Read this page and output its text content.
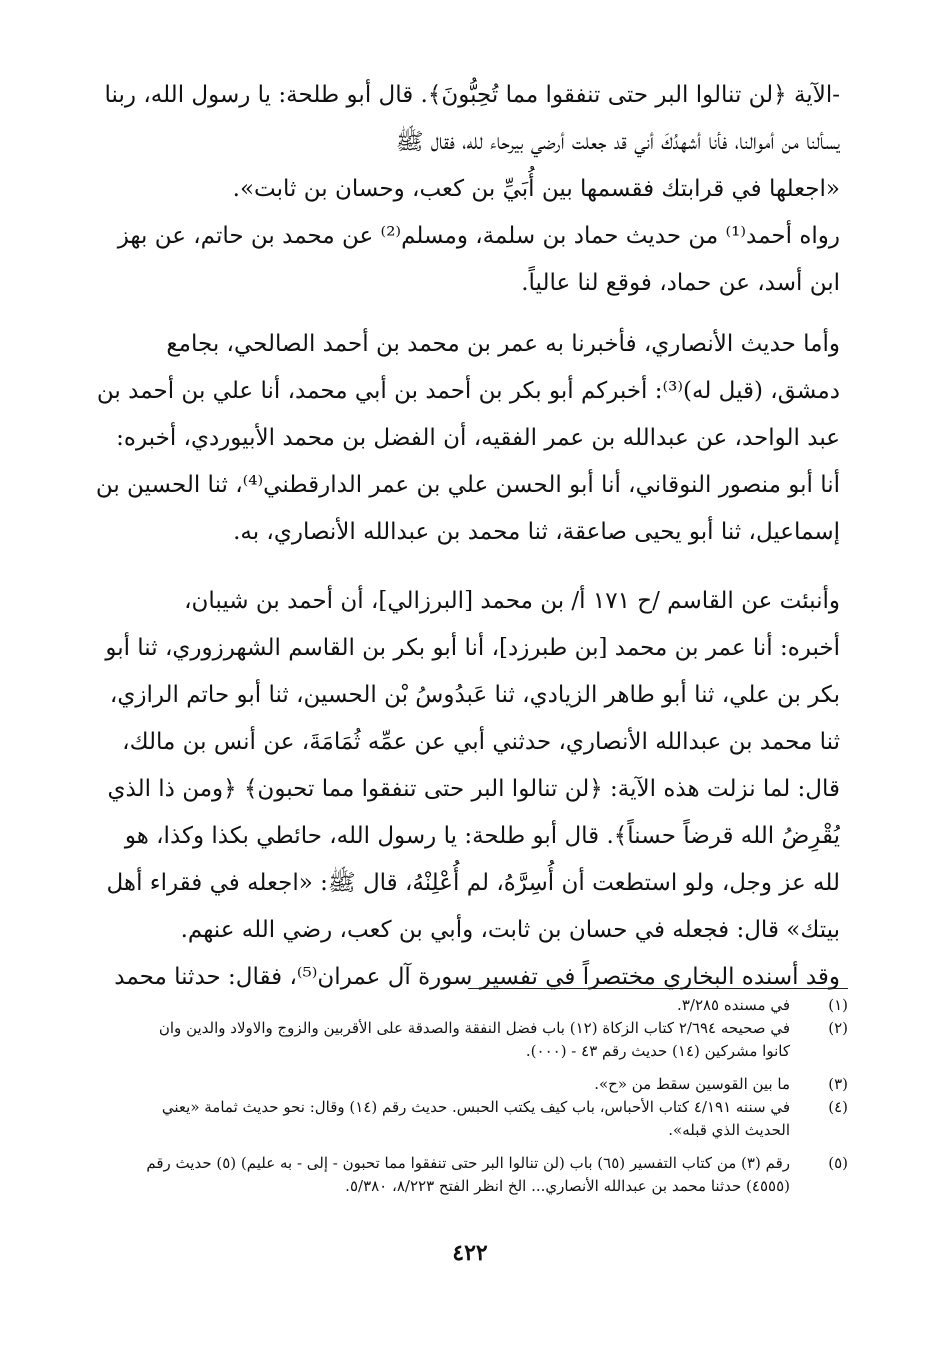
-الآية ﴿لن تنالوا البر حتى تنفقوا مما تُحِبُّونَ﴾. قال أبو طلحة: يا رسول الله، ربنا
يسألنا من أموالنا، فأنا أشهدُكَ أني قد جعلت أرضي بيرحاء لله، فقال ﷺ
«اجعلها في قرابتك فقسمها بين أُبَيِّ بن كعب، وحسان بن ثابت».
رواه أحمد⁽¹⁾ من حديث حماد بن سلمة، ومسلم⁽²⁾ عن محمد بن حاتم، عن بهز
ابن أسد، عن حماد، فوقع لنا عالياً.
وأما حديث الأنصاري، فأخبرنا به عمر بن محمد بن أحمد الصالحي، بجامع
دمشق، (قيل له)⁽³⁾: أخبركم أبو بكر بن أحمد بن أبي محمد، أنا علي بن أحمد بن
عبد الواحد، عن عبدالله بن عمر الفقيه، أن الفضل بن محمد الأبيوردي، أخبره:
أنا أبو منصور النوقاني، أنا أبو الحسن علي بن عمر الدارقطني⁽⁴⁾، ثنا الحسين بن
إسماعيل، ثنا أبو يحيى صاعقة، ثنا محمد بن عبدالله الأنصاري، به.
وأنبئت عن القاسم /ح ١٧١ أ/ بن محمد [البرزالي]، أن أحمد بن شيبان،
أخبره: أنا عمر بن محمد [بن طبرزد]، أنا أبو بكر بن القاسم الشهرزوري، ثنا أبو
بكر بن علي، ثنا أبو طاهر الزيادي، ثنا عَبدُوسُ بْن الحسين، ثنا أبو حاتم الرازي،
ثنا محمد بن عبدالله الأنصاري، حدثني أبي عن عمِّه ثُمَامَةَ، عن أنس بن مالك،
قال: لما نزلت هذه الآية: ﴿لن تنالوا البر حتى تنفقوا مما تحبون﴾ ﴿ومن ذا الذي
يُقْرِضُ الله قرضاً حسناً﴾. قال أبو طلحة: يا رسول الله، حائطي بكذا وكذا، هو
لله عز وجل، ولو استطعت أن أُسِرَّهُ، لم أُعْلِنْهُ، قال ﷺ: «اجعله في فقراء أهل
بيتك» قال: فجعله في حسان بن ثابت، وأبي بن كعب، رضي الله عنهم.
وقد أسنده البخاري مختصراً في تفسير سورة آل عمران⁽⁵⁾، فقال: حدثنا محمد
(١)
في مسنده ٣/٢٨٥.
(٢)
في صحيحه ٢/٦٩٤ كتاب الزكاة (١٢) باب فضل النفقة والصدقة على الأقربين والزوج والاولاد والدين وان
كانوا مشركين (١٤) حديث رقم ٤٣ - (٠٠٠).
(٣)
ما بين القوسين سقط من «ح».
(٤)
في سننه ٤/١٩١ كتاب الأحباس، باب كيف يكتب الحبس. حديث رقم (١٤) وقال: نحو حديث ثمامة «يعني
الحديث الذي قبله».
(٥)
رقم (٣) من كتاب التفسير (٦٥) باب (لن تنالوا البر حتى تنفقوا مما تحبون - إلى - به عليم) (٥) حديث رقم
(٤٥٥٥) حدثنا محمد بن عبدالله الأنصاري... الخ انظر الفتح ٨/٢٢٣، ٥/٣٨٠.
٤٢٢
